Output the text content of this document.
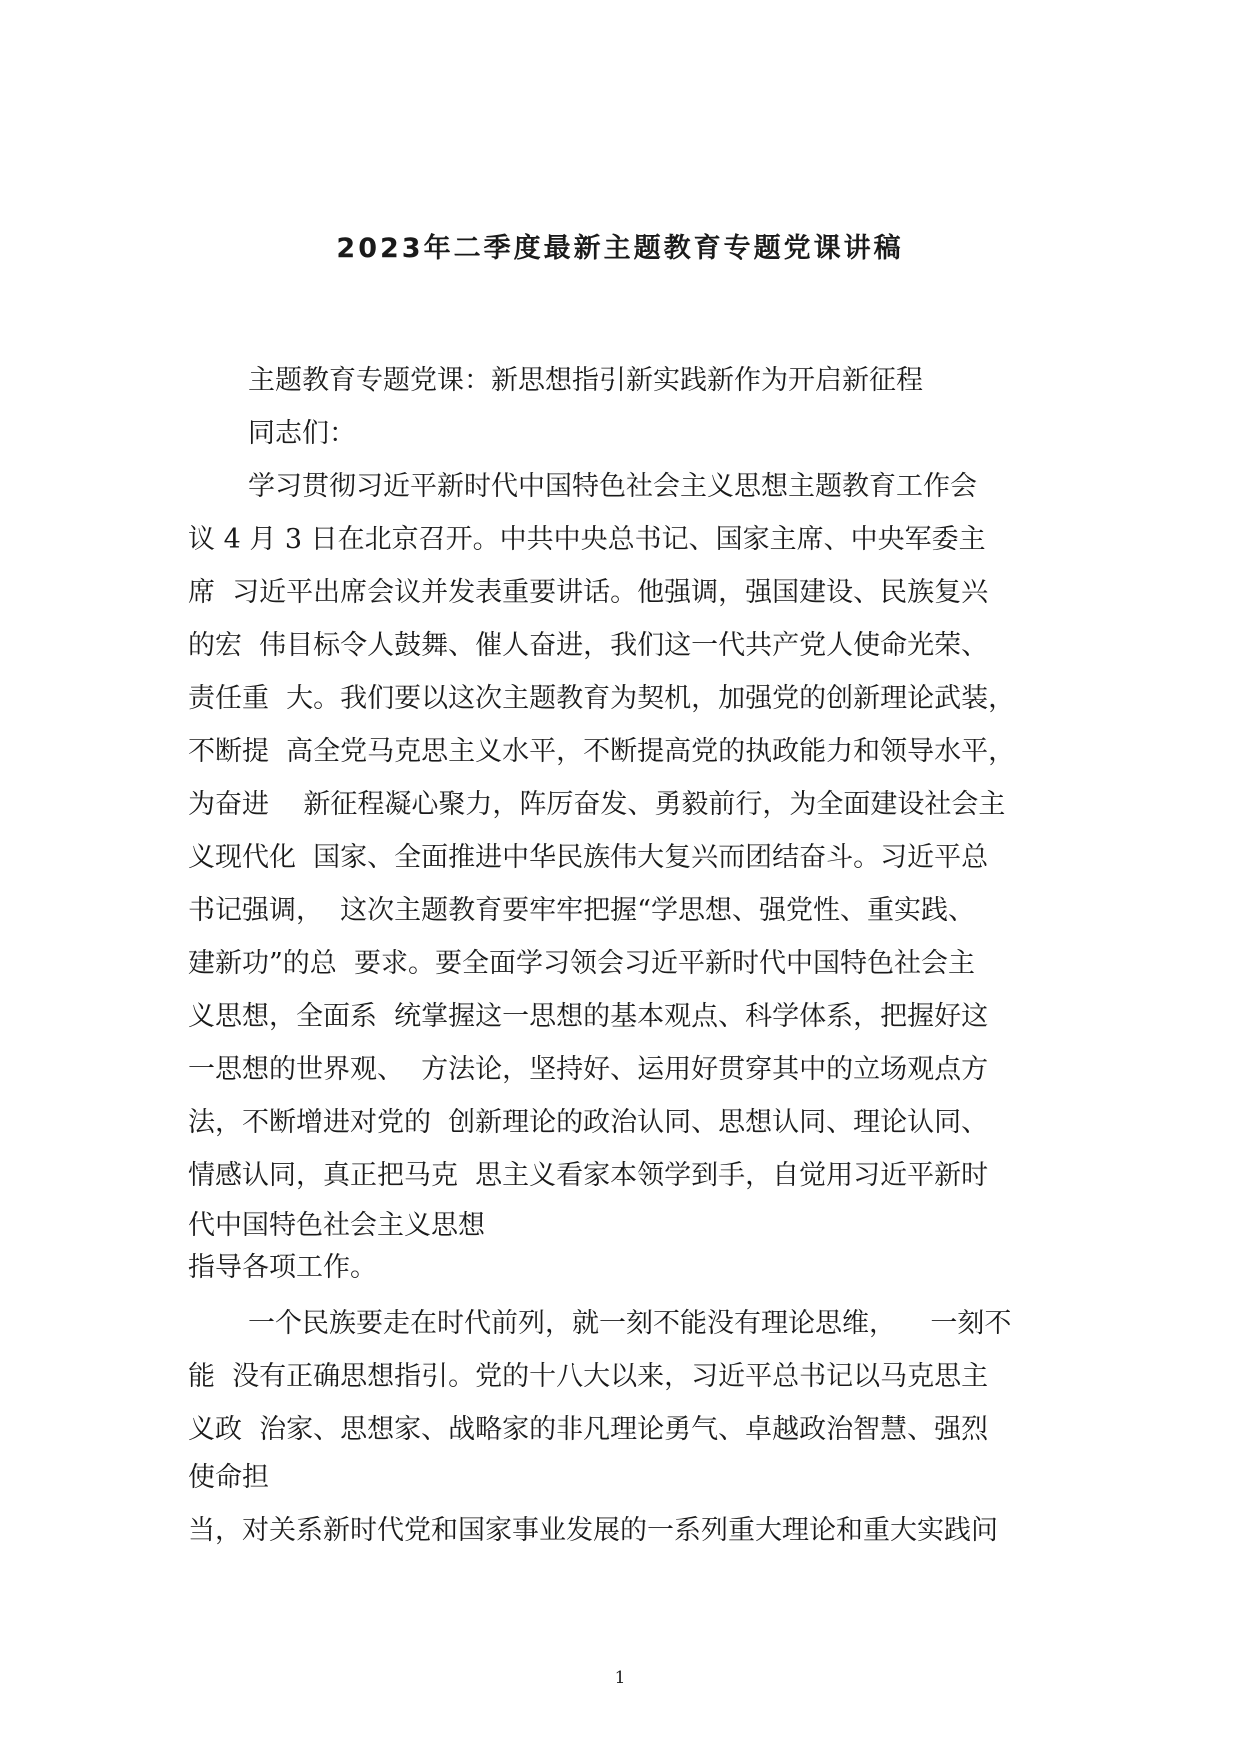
2023年二季度最新主题教育专题党课讲稿

主题教育专题党课：新思想指引新实践新作为开启新征程

同志们：

学习贯彻习近平新时代中国特色社会主义思想主题教育工作会

议 4 月 3 日在北京召开。中共中央总书记、国家主席、中央军委主

席  习近平出席会议并发表重要讲话。他强调，强国建设、民族复兴

的宏  伟目标令人鼓舞、催人奋进，我们这一代共产党人使命光荣、

责任重  大。我们要以这次主题教育为契机，加强党的创新理论武装，

不断提  高全党马克思主义水平，不断提高党的执政能力和领导水平，

为奋进    新征程凝心聚力，阵厉奋发、勇毅前行，为全面建设社会主

义现代化  国家、全面推进中华民族伟大复兴而团结奋斗。习近平总

书记强调，  这次主题教育要牢牢把握“学思想、强党性、重实践、

建新功”的总  要求。要全面学习领会习近平新时代中国特色社会主

义思想，全面系  统掌握这一思想的基本观点、科学体系，把握好这

一思想的世界观、  方法论，坚持好、运用好贯穿其中的立场观点方

法，不断增进对党的  创新理论的政治认同、思想认同、理论认同、

情感认同，真正把马克  思主义看家本领学到手，自觉用习近平新时

代中国特色社会主义思想

指导各项工作。

一个民族要走在时代前列，就一刻不能没有理论思维，    一刻不

能  没有正确思想指引。党的十八大以来，习近平总书记以马克思主

义政  治家、思想家、战略家的非凡理论勇气、卓越政治智慧、强烈

使命担

当，对关系新时代党和国家事业发展的一系列重大理论和重大实践问

1
